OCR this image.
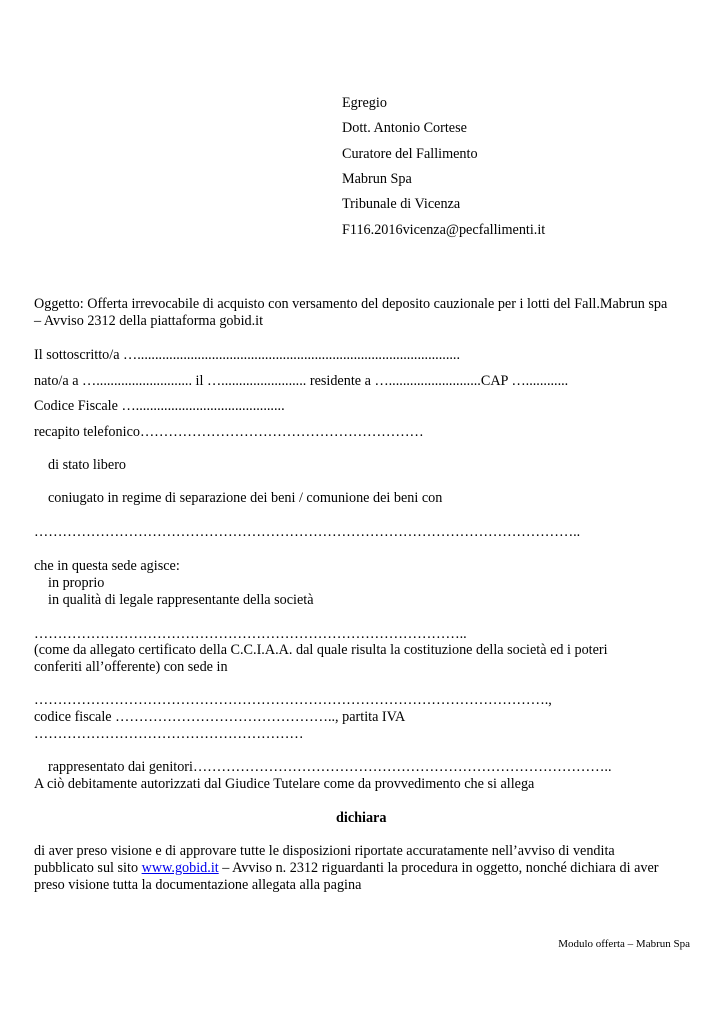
Egregio
Dott. Antonio Cortese
Curatore del Fallimento
Mabrun Spa
Tribunale di Vicenza
F116.2016vicenza@pecfallimenti.it
Oggetto: Offerta irrevocabile di acquisto con versamento del deposito cauzionale per i lotti del Fall.Mabrun spa
– Avviso 2312 della piattaforma gobid.it
Il sottoscritto/a …...........................................................................................
nato/a a …........................... il …........................ residente a …..........................CAP …............
Codice Fiscale …..........................................
recapito telefonico……………………………………………………
di stato libero
coniugato in regime di separazione dei beni / comunione dei beni con
……………………………………………………………………………………………………..
che in questa sede agisce:
in proprio
in qualità di legale rappresentante della società
………………………………………………………………………………..
(come da allegato certificato della C.C.I.A.A. dal quale risulta la costituzione della società ed i poteri
conferiti all’offerente) con sede in
……………………………………………………………………………………………….,
codice fiscale ……………………………………….., partita IVA
…………………………………………………
rappresentato dai genitori……………………………………………………………………………..
A ciò debitamente autorizzati dal Giudice Tutelare come da provvedimento che si allega
dichiara
di aver preso visione e di approvare tutte le disposizioni riportate accuratamente nell’avviso di vendita
pubblicato sul sito www.gobid.it – Avviso n. 2312 riguardanti la procedura in oggetto, nonché dichiara di aver
preso visione tutta la documentazione allegata alla pagina
Modulo offerta – Mabrun Spa
